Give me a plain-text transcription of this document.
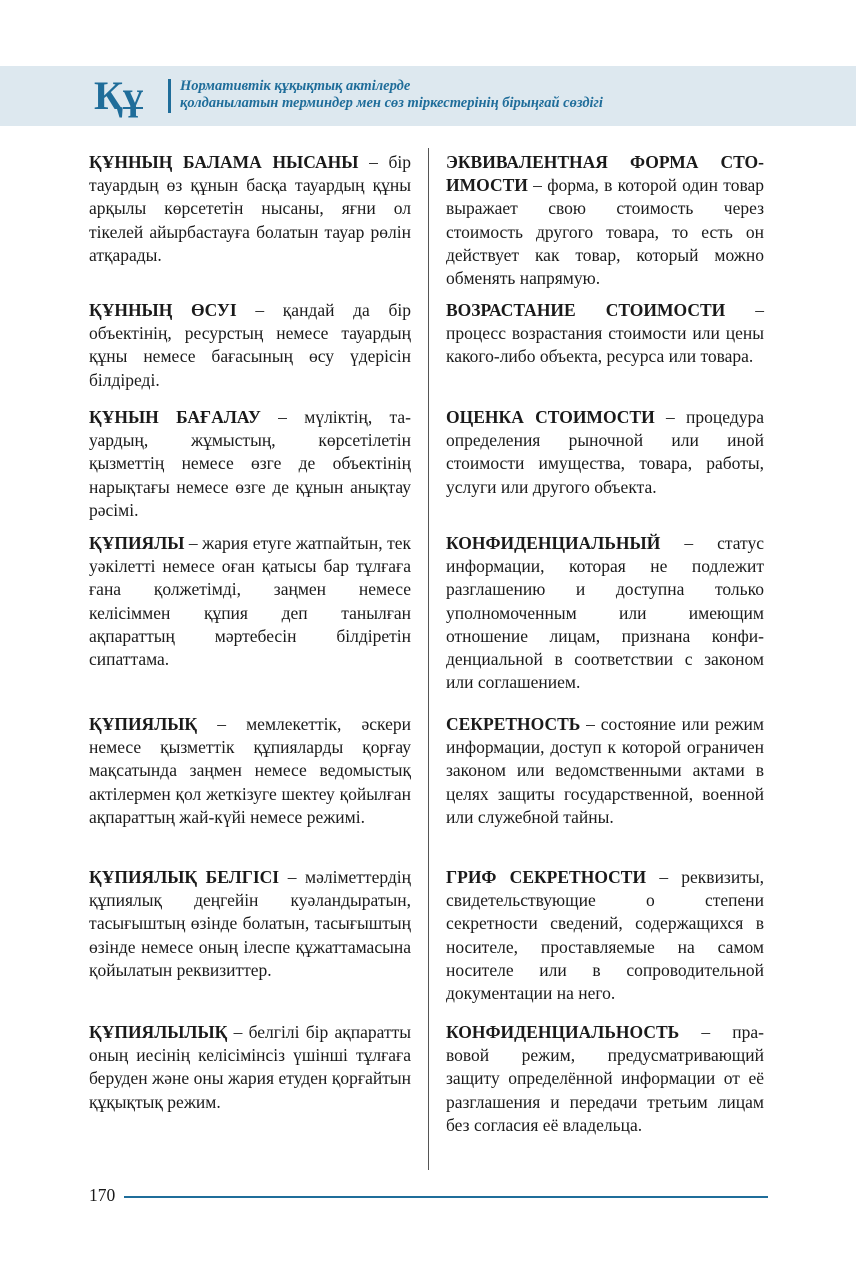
Құ	Нормативтік құқықтық актілерде
қолданылатын терминдер мен сөз тіркестерінің бірыңғай сөздігі
ҚҰННЫҢ БАЛАМА НЫСАНЫ – бір тауардың өз құнын басқа тауардың құны арқылы көрсететін нысаны, яғни ол тікелей айырбастауға болатын тауар рөлін атқарады.
ЭКВИВАЛЕНТНАЯ ФОРМА СТОИМОСТИ – форма, в которой один товар выражает свою стоимость через стоимость другого товара, то есть он действует как товар, который можно обменять напрямую.
ҚҰННЫҢ ӨСУІ – қандай да бір объектінің, ресурстың немесе тауардың құны немесе бағасының өсу үдерісін білдіреді.
ВОЗРАСТАНИЕ СТОИМОСТИ – процесс возрастания стоимости или цены какого-либо объекта, ресурса или товара.
ҚҰНЫН БАҒАЛАУ – мүліктің, тауардың, жұмыстың, көрсетілетін қызметтің немесе өзге де объектінің нарықтағы немесе өзге де құнын анықтау рәсімі.
ОЦЕНКА СТОИМОСТИ – процедура определения рыночной или иной стоимости имущества, товара, работы, услуги или другого объекта.
ҚҰПИЯЛЫ – жария етуге жатпайтын, тек уәкілетті немесе оған қатысы бар тұлғаға ғана қолжетімді, заңмен немесе келісіммен құпия деп танылған ақпараттың мәртебесін білдіретін сипаттама.
КОНФИДЕНЦИАЛЬНЫЙ – статус информации, которая не подлежит разглашению и доступна только уполномоченным или имеющим отношение лицам, признана конфиденциальной в соответствии с законом или соглашением.
ҚҰПИЯЛЫҚ – мемлекеттік, әскери немесе қызметтік құпияларды қорғау мақсатында заңмен немесе ведомыстық актілермен қол жеткізуге шектеу қойылған ақпараттың жай-күйі немесе режимі.
СЕКРЕТНОСТЬ – состояние или режим информации, доступ к которой ограничен законом или ведомственными актами в целях защиты государственной, военной или служебной тайны.
ҚҰПИЯЛЫҚ БЕЛГІСІ – мәліметтердің құпиялық деңгейін куәландыратын, тасығыштың өзінде болатын, тасығыштың өзінде немесе оның ілеспе құжаттамасына қойылатын реквизиттер.
ГРИФ СЕКРЕТНОСТИ – реквизиты, свидетельствующие о степени секретности сведений, содержащихся в носителе, проставляемые на самом носителе или в сопроводительной документации на него.
ҚҰПИЯЛЫЛЫҚ – белгілі бір ақпаратты оның иесінің келісімінсіз үшінші тұлғаға беруден және оны жария етуден қорғайтын құқықтық режим.
КОНФИДЕНЦИАЛЬНОСТЬ – правовой режим, предусматривающий защиту определённой информации от её разглашения и передачи третьим лицам без согласия её владельца.
170
